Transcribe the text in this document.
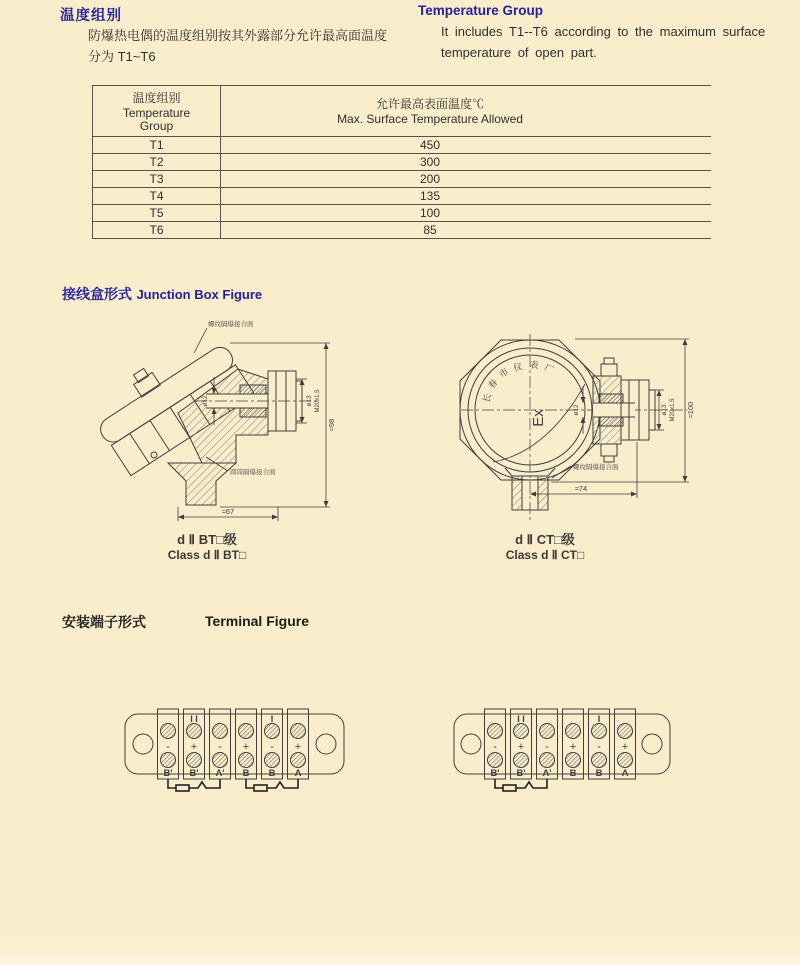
温度组别
防爆热电偶的温度组别按其外露部分允许最高面温度
分为 T1~T6
Temperature Group
It includes T1--T6 according to the maximum surface
temperature of open part.
温度组别
Temperature
Group
允许最高表面温度℃
Max. Surface Temperature Allowed
T1	450
T2	300
T3	200
T4	135
T5	100
T6	85
接线盒形式 Junction Box Figure
螺纹隔爆接合面
圆筒隔爆接合面
ø12	ø13 M20x1.5
≈98
≈67
厂
表
仪
市
春
长
Ex
螺纹隔爆接合面
ø12	ø13 M20x1.5 ≈100
≈74
d Ⅱ BT□级
Class d Ⅱ BT□
d Ⅱ CT□级
Class d Ⅱ CT□
安装端子形式	Terminal Figure
I I	I
- + - + - +
B' B' A' B B A
I I	I
- + - + - +
B' B' A' B B A
